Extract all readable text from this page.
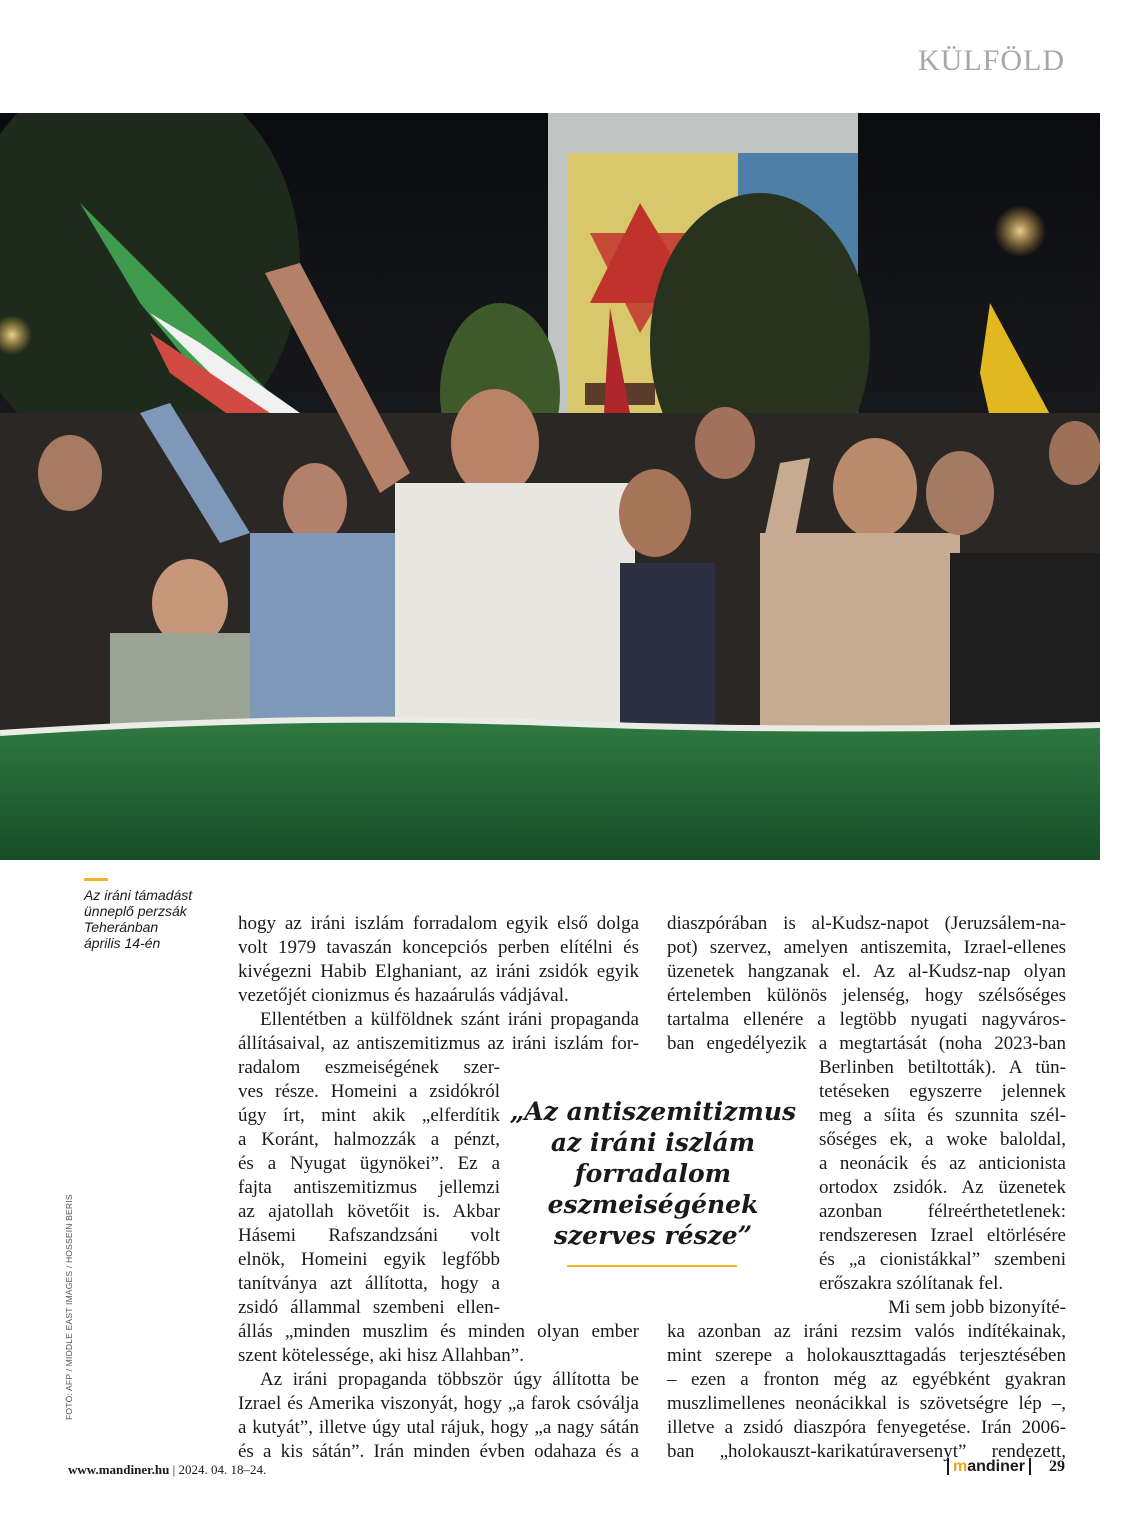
KÜLFÖLD
Az iráni támadást
ünneplő perzsák
Teheránban
április 14-én
FOTÓ: AFP / MIDDLE EAST IMAGES / HOSSEIN BERIS
hogy az iráni iszlám forradalom egyik első dolga
volt 1979 tavaszán koncepciós perben elítélni és
kivégezni Habib Elghaniant, az iráni zsidók egyik
vezetőjét cionizmus és hazaárulás vádjával.
Ellentétben a külföldnek szánt iráni propaganda
állításaival, az antiszemitizmus az iráni iszlám for-
radalom eszmeiségének szer-
ves része. Homeini a zsidókról
úgy írt, mint akik „elferdítik
a Koránt, halmozzák a pénzt,
és a Nyugat ügynökei”. Ez a
fajta antiszemitizmus jellemzi
az ajatollah követőit is. Akbar
Hásemi Rafszandzsáni volt
elnök, Homeini egyik legfőbb
tanítványa azt állította, hogy a
zsidó állammal szembeni ellen-
állás „minden muszlim és minden olyan ember
szent kötelessége, aki hisz Allahban”.
Az iráni propaganda többször úgy állította be
Izrael és Amerika viszonyát, hogy „a farok csóválja
a kutyát”, illetve úgy utal rájuk, hogy „a nagy sátán
és a kis sátán”. Irán minden évben odahaza és a
diaszpórában is al-Kudsz-napot (Jeruzsálem-na-
pot) szervez, amelyen antiszemita, Izrael-ellenes
üzenetek hangzanak el. Az al-Kudsz-nap olyan
értelemben különös jelenség, hogy szélsőséges
tartalma ellenére a legtöbb nyugati nagyváros-
ban engedélyezik a megtartását (noha 2023-ban
Berlinben betiltották). A tün-
tetéseken egyszerre jelennek
meg a síita és szunnita szél-
sőséges ek, a woke baloldal,
a neonácik és az anticionista
ortodox zsidók. Az üzenetek
azonban félreérthetetlenek:
rendszeresen Izrael eltörlésére
és „a cionistákkal” szembeni
erőszakra szólítanak fel.
Mi sem jobb bizonyíté-
ka azonban az iráni rezsim valós indítékainak,
mint szerepe a holokauszttagadás terjesztésében
– ezen a fronton még az egyébként gyakran
muszlimellenes neonácikkal is szövetségre lép –,
illetve a zsidó diaszpóra fenyegetése. Irán 2006-
ban „holokauszt-karikatúraversenyt” rendezett,
„Az antiszemitizmus
az iráni iszlám
forradalom
eszmeiségének
szerves része”
www.mandiner.hu | 2024. 04. 18–24.	mandiner 29
